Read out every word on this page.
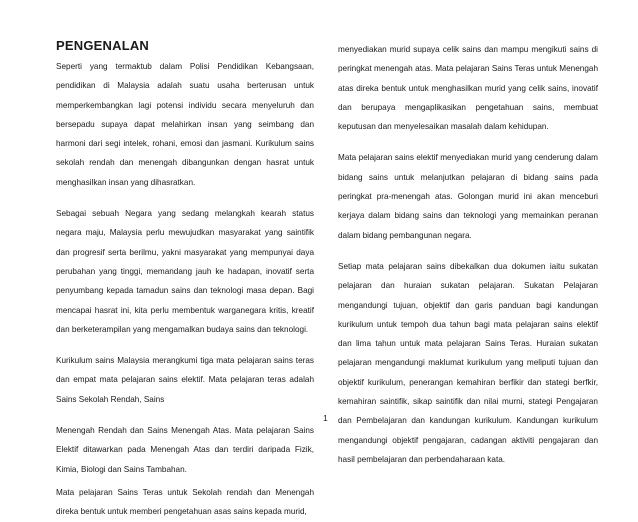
PENGENALAN

Seperti yang termaktub dalam Polisi Pendidikan Kebangsaan, pendidikan di Malaysia adalah suatu usaha berterusan untuk memperkembangkan lagi potensi individu secara menyeluruh dan bersepadu supaya dapat melahirkan insan yang seimbang dan harmoni dari segi intelek, rohani, emosi dan jasmani. Kurikulum sains sekolah rendah dan menengah dibangunkan dengan hasrat untuk menghasilkan insan yang dihasratkan.

Sebagai sebuah Negara yang sedang melangkah kearah status negara maju, Malaysia perlu mewujudkan masyarakat yang saintifik dan progresif serta berilmu, yakni masyarakat yang mempunyai daya perubahan yang tinggi, memandang jauh ke hadapan, inovatif serta penyumbang kepada tamadun sains dan teknologi masa depan. Bagi mencapai hasrat ini, kita perlu membentuk warganegara kritis, kreatif dan berketerampilan yang mengamalkan budaya sains dan teknologi.

Kurikulum sains Malaysia merangkumi tiga mata pelajaran sains teras dan empat mata pelajaran sains elektif. Mata pelajaran teras adalah Sains Sekolah Rendah, Sains

Menengah Rendah dan Sains Menengah Atas. Mata pelajaran Sains Elektif ditawarkan pada Menengah Atas dan terdiri daripada Fizik, Kimia, Biologi dan Sains Tambahan.

Mata pelajaran Sains Teras untuk Sekolah rendah dan Menengah direka bentuk untuk memberi pengetahuan asas sains kepada murid,

menyediakan murid supaya celik sains dan mampu mengikuti sains di peringkat menengah atas. Mata pelajaran Sains Teras untuk Menengah atas direka bentuk untuk menghasilkan murid yang celik sains, inovatif dan berupaya mengaplikasikan pengetahuan sains, membuat keputusan dan menyelesaikan masalah dalam kehidupan.

Mata pelajaran sains elektif menyediakan murid yang cenderung dalam bidang sains untuk melanjutkan pelajaran di bidang sains pada peringkat pra-menengah atas. Golongan murid ini akan menceburi kerjaya dalam bidang sains dan teknologi yang memainkan peranan dalam bidang pembangunan negara.

Setiap mata pelajaran sains dibekalkan dua dokumen iaitu sukatan pelajaran dan huraian sukatan pelajaran. Sukatan Pelajaran mengandungi tujuan, objektif dan garis panduan bagi kandungan kurikulum untuk tempoh dua tahun bagi mata pelajaran sains elektif dan lima tahun untuk mata pelajaran Sains Teras. Huraian sukatan pelajaran mengandungi maklumat kurikulum yang meliputi tujuan dan objektif kurikulum, penerangan kemahiran berfikir dan stategi berfkir, kemahiran saintifik, sikap saintifik dan nilai murni, stategi Pengajaran dan Pembelajaran dan kandungan kurikulum. Kandungan kurikulum mengandungi objektif pengajaran, cadangan aktiviti pengajaran dan hasil pembelajaran dan perbendaharaan kata.

1
